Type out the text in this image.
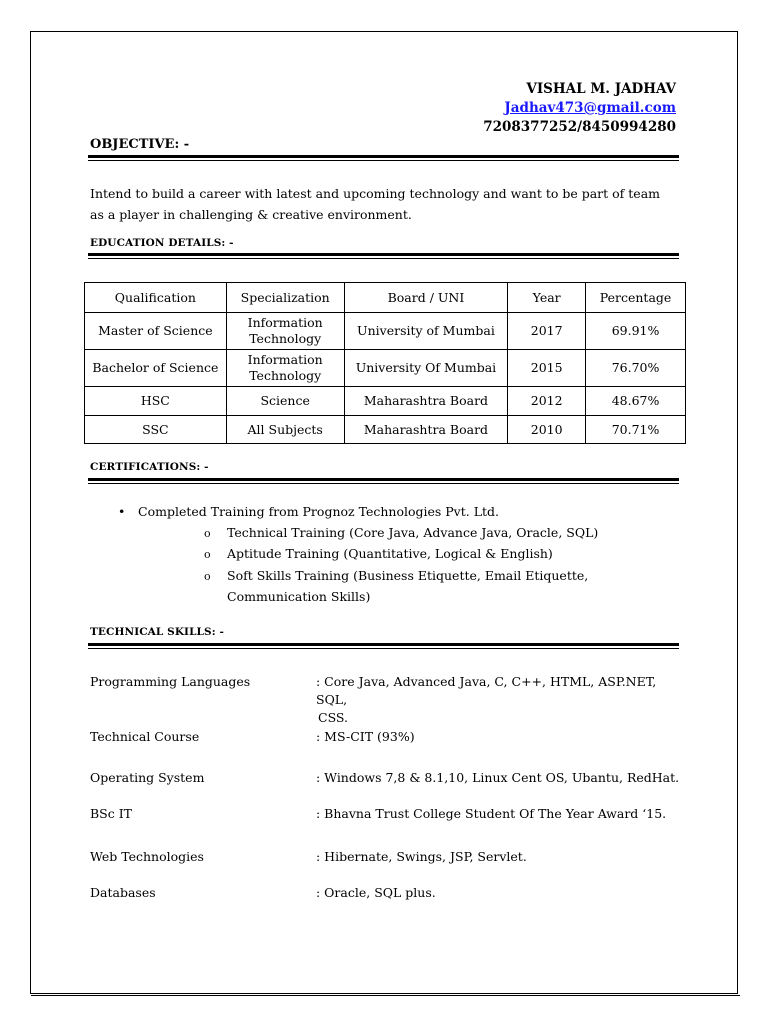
VISHAL M. JADHAV
Jadhav473@gmail.com
7208377252/8450994280
OBJECTIVE: -
Intend to build a career with latest and upcoming technology and want to be part of team
as a player in challenging & creative environment.
EDUCATION DETAILS: -
Qualification	Specialization	Board / UNI	Year	Percentage
Master of Science	Information Technology	University of Mumbai	2017	69.91%
Bachelor of Science	Information Technology	University Of Mumbai	2015	76.70%
HSC	Science	Maharashtra Board	2012	48.67%
SSC	All Subjects	Maharashtra Board	2010	70.71%
CERTIFICATIONS: -
• Completed Training from Prognoz Technologies Pvt. Ltd.
o Technical Training (Core Java, Advance Java, Oracle, SQL)
o Aptitude Training (Quantitative, Logical & English)
o Soft Skills Training (Business Etiquette, Email Etiquette,
Communication Skills)
TECHNICAL SKILLS: -
Programming Languages	: Core Java, Advanced Java, C, C++, HTML, ASP.NET, SQL,
CSS.
Technical Course	: MS-CIT (93%)
Operating System	: Windows 7,8 & 8.1,10, Linux Cent OS, Ubantu, RedHat.
BSc IT	: Bhavna Trust College Student Of The Year Award ‘15.
Web Technologies	: Hibernate, Swings, JSP, Servlet.
Databases	: Oracle, SQL plus.
